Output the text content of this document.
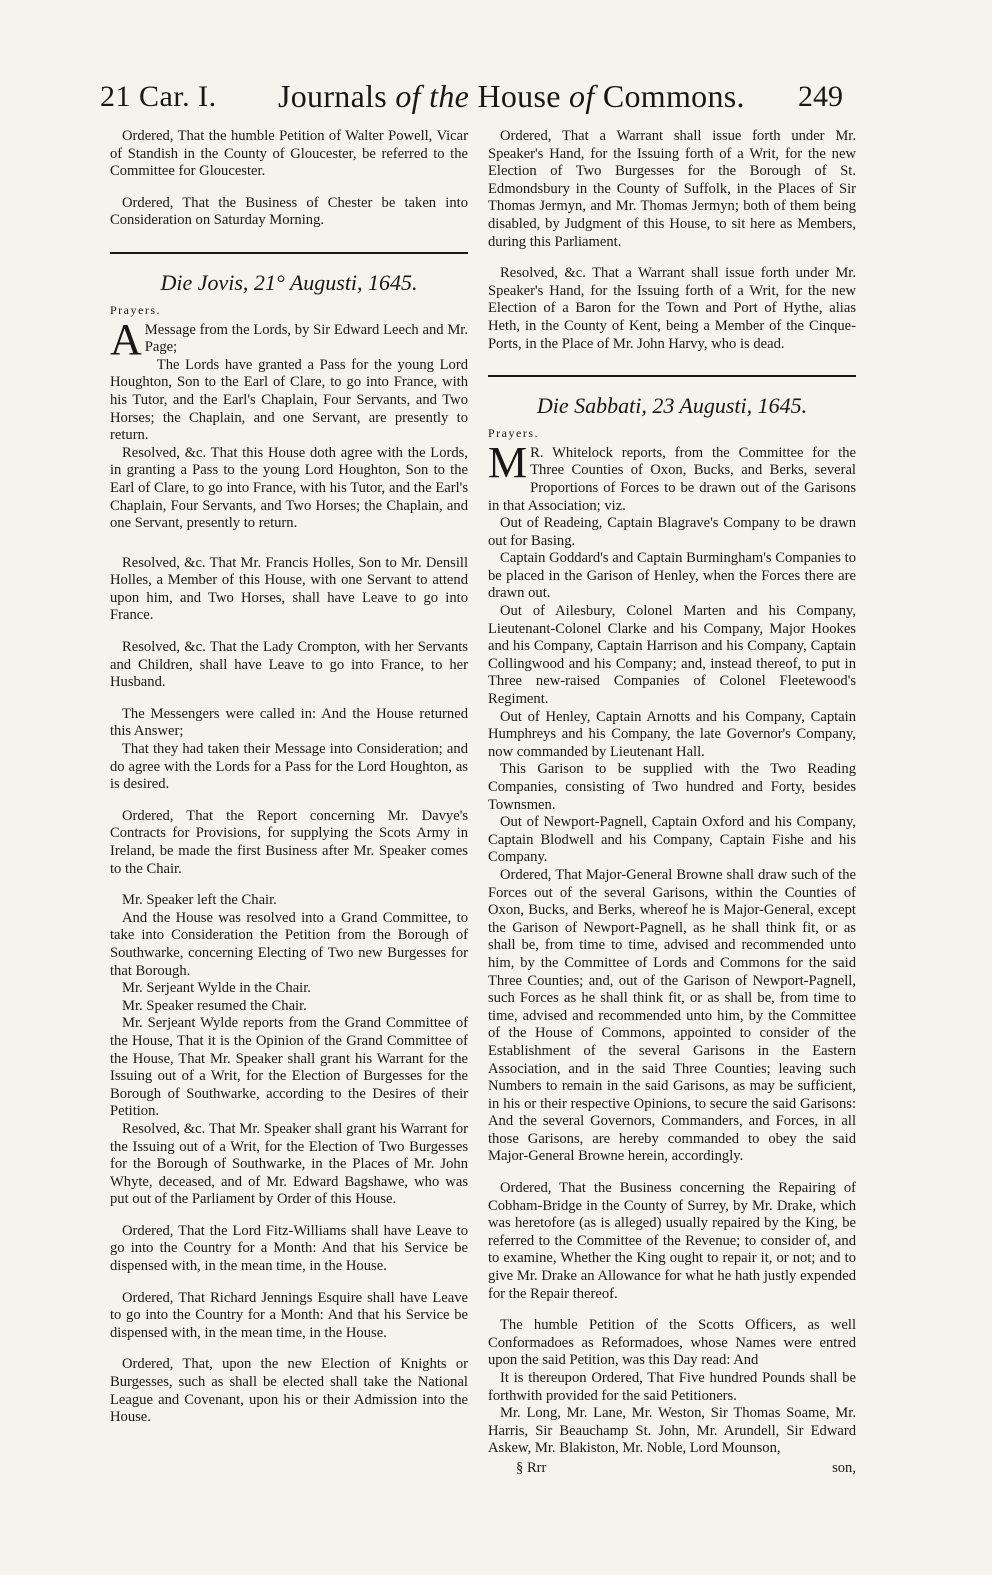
21 Car. I. Journals of the House of Commons. 249

Ordered, That the humble Petition of Walter Powell, Vicar of Standish in the County of Gloucester, be referred to the Committee for Gloucester.

Ordered, That the Business of Chester be taken into Consideration on Saturday Morning.

Die Jovis, 21° Augusti, 1645.
Prayers.

A Message from the Lords, by Sir Edward Leech and Mr. Page;

The Lords have granted a Pass for the young Lord Houghton, Son to the Earl of Clare, to go into France, with his Tutor, and the Earl's Chaplain, Four Servants, and Two Horses; the Chaplain, and one Servant, are presently to return.

Resolved, &c. That this House doth agree with the Lords, in granting a Pass to the young Lord Houghton, Son to the Earl of Clare, to go into France, with his Tutor, and the Earl's Chaplain, Four Servants, and Two Horses; the Chaplain, and one Servant, presently to return.

Resolved, &c. That Mr. Francis Holles, Son to Mr. Densill Holles, a Member of this House, with one Servant to attend upon him, and Two Horses, shall have Leave to go into France.

Resolved, &c. That the Lady Crompton, with her Servants and Children, shall have Leave to go into France, to her Husband.

The Messengers were called in: And the House returned this Answer;

That they had taken their Message into Consideration; and do agree with the Lords for a Pass for the Lord Houghton, as is desired.

Ordered, That the Report concerning Mr. Davye's Contracts for Provisions, for supplying the Scots Army in Ireland, be made the first Business after Mr. Speaker comes to the Chair.

Mr. Speaker left the Chair.

And the House was resolved into a Grand Committee, to take into Consideration the Petition from the Borough of Southwarke, concerning Electing of Two new Burgesses for that Borough.

Mr. Serjeant Wylde in the Chair.

Mr. Speaker resumed the Chair.

Mr. Serjeant Wylde reports from the Grand Committee of the House, That it is the Opinion of the Grand Committee of the House, That Mr. Speaker shall grant his Warrant for the Issuing out of a Writ, for the Election of Burgesses for the Borough of Southwarke, according to the Desires of their Petition.

Resolved, &c. That Mr. Speaker shall grant his Warrant for the Issuing out of a Writ, for the Election of Two Burgesses for the Borough of Southwarke, in the Places of Mr. John Whyte, deceased, and of Mr. Edward Bagshawe, who was put out of the Parliament by Order of this House.

Ordered, That the Lord Fitz-Williams shall have Leave to go into the Country for a Month: And that his Service be dispensed with, in the mean time, in the House.

Ordered, That Richard Jennings Esquire shall have Leave to go into the Country for a Month: And that his Service be dispensed with, in the mean time, in the House.

Ordered, That, upon the new Election of Knights or Burgesses, such as shall be elected shall take the National League and Covenant, upon his or their Admission into the House.

Ordered, That a Warrant shall issue forth under Mr. Speaker's Hand, for the Issuing forth of a Writ, for the new Election of Two Burgesses for the Borough of St. Edmondsbury in the County of Suffolk, in the Places of Sir Thomas Jermyn, and Mr. Thomas Jermyn; both of them being disabled, by Judgment of this House, to sit here as Members, during this Parliament.

Resolved, &c. That a Warrant shall issue forth under Mr. Speaker's Hand, for the Issuing forth of a Writ, for the new Election of a Baron for the Town and Port of Hythe, alias Heth, in the County of Kent, being a Member of the Cinque-Ports, in the Place of Mr. John Harvy, who is dead.

Die Sabbati, 23 Augusti, 1645.
Prayers.

M R. Whitelock reports, from the Committee for the Three Counties of Oxon, Bucks, and Berks, several Proportions of Forces to be drawn out of the Garisons in that Association; viz.

Out of Readeing, Captain Blagrave's Company to be drawn out for Basing.

Captain Goddard's and Captain Burmingham's Companies to be placed in the Garison of Henley, when the Forces there are drawn out.

Out of Ailesbury, Colonel Marten and his Company, Lieutenant-Colonel Clarke and his Company, Major Hookes and his Company, Captain Harrison and his Company, Captain Collingwood and his Company; and, instead thereof, to put in Three new-raised Companies of Colonel Fleetewood's Regiment.

Out of Henley, Captain Arnotts and his Company, Captain Humphreys and his Company, the late Governor's Company, now commanded by Lieutenant Hall.

This Garison to be supplied with the Two Reading Companies, consisting of Two hundred and Forty, besides Townsmen.

Out of Newport-Pagnell, Captain Oxford and his Company, Captain Blodwell and his Company, Captain Fishe and his Company.

Ordered, That Major-General Browne shall draw such of the Forces out of the several Garisons, within the Counties of Oxon, Bucks, and Berks, whereof he is Major-General, except the Garison of Newport-Pagnell, as he shall think fit, or as shall be, from time to time, advised and recommended unto him, by the Committee of Lords and Commons for the said Three Counties; and, out of the Garison of Newport-Pagnell, such Forces as he shall think fit, or as shall be, from time to time, advised and recommended unto him, by the Committee of the House of Commons, appointed to consider of the Establishment of the several Garisons in the Eastern Association, and in the said Three Counties; leaving such Numbers to remain in the said Garisons, as may be sufficient, in his or their respective Opinions, to secure the said Garisons: And the several Governors, Commanders, and Forces, in all those Garisons, are hereby commanded to obey the said Major-General Browne herein, accordingly.

Ordered, That the Business concerning the Repairing of Cobham-Bridge in the County of Surrey, by Mr. Drake, which was heretofore (as is alleged) usually repaired by the King, be referred to the Committee of the Revenue; to consider of, and to examine, Whether the King ought to repair it, or not; and to give Mr. Drake an Allowance for what he hath justly expended for the Repair thereof.

The humble Petition of the Scotts Officers, as well Conformadoes as Reformadoes, whose Names were entred upon the said Petition, was this Day read: And

It is thereupon Ordered, That Five hundred Pounds shall be forthwith provided for the said Petitioners.

Mr. Long, Mr. Lane, Mr. Weston, Sir Thomas Soame, Mr. Harris, Sir Beauchamp St. John, Mr. Arundell, Sir Edward Askew, Mr. Blakiston, Mr. Noble, Lord Mounson,

§ Rrr	son,
